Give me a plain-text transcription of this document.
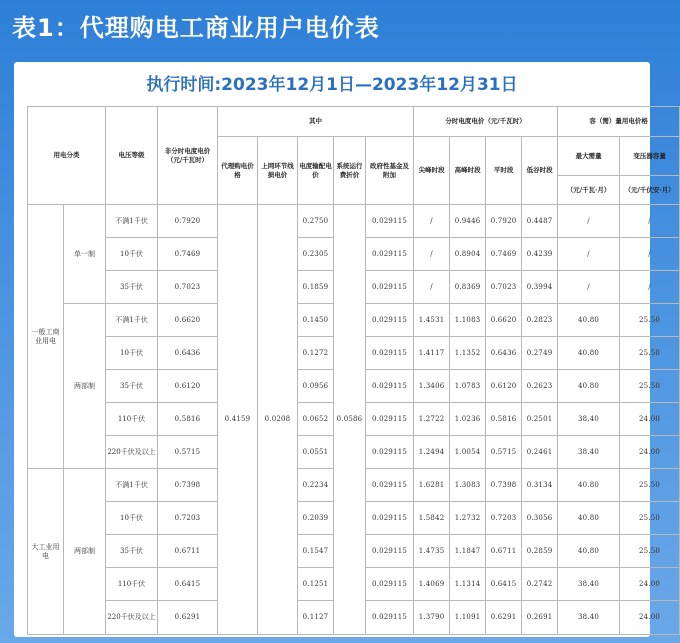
表1：代理购电工商业用户电价表
执行时间:2023年12月1日—2023年12月31日
用电分类		电压等级	非分时电度电价（元/千瓦时）	其中					分时电度电价（元/千瓦时）				容（需）量用电价格	
				代理购电价格	上网环节线损电价	电度输配电价	系统运行费折价	政府性基金及附加	尖峰时段	高峰时段	平时段	低谷时段	最大需量	变压器容量
													（元/千瓦·月）	（元/千伏安·月）
一般工商业用电	单一制	不满1千伏	0.7920	0.4159	0.0208	0.2750	0.0586	0.029115	/	0.9446	0.7920	0.4487	/	/
		10千伏	0.7469			0.2305		0.029115	/	0.8904	0.7469	0.4239	/	/
		35千伏	0.7023			0.1859		0.029115	/	0.8369	0.7023	0.3994	/	/
	两部制	不满1千伏	0.6620			0.1450		0.029115	1.4531	1.1083	0.6620	0.2823	40.80	25.50
		10千伏	0.6436			0.1272		0.029115	1.4117	1.1352	0.6436	0.2749	40.80	25.50
		35千伏	0.6120			0.0956		0.029115	1.3406	1.0783	0.6120	0.2623	40.80	25.50
		110千伏	0.5816			0.0652		0.029115	1.2722	1.0236	0.5816	0.2501	38.40	24.00
		220千伏及以上	0.5715			0.0551		0.029115	1.2494	1.0054	0.5715	0.2461	38.40	24.00
大工业用电	两部制	不满1千伏	0.7398			0.2234		0.029115	1.6281	1.3083	0.7398	0.3134	40.80	25.50
		10千伏	0.7203			0.2039		0.029115	1.5842	1.2732	0.7203	0.3056	40.80	25.50
		35千伏	0.6711			0.1547		0.029115	1.4735	1.1847	0.6711	0.2859	40.80	25.50
		110千伏	0.6415			0.1251		0.029115	1.4069	1.1314	0.6415	0.2742	38.40	24.00
		220千伏及以上	0.6291			0.1127		0.029115	1.3790	1.1091	0.6291	0.2691	38.40	24.00
